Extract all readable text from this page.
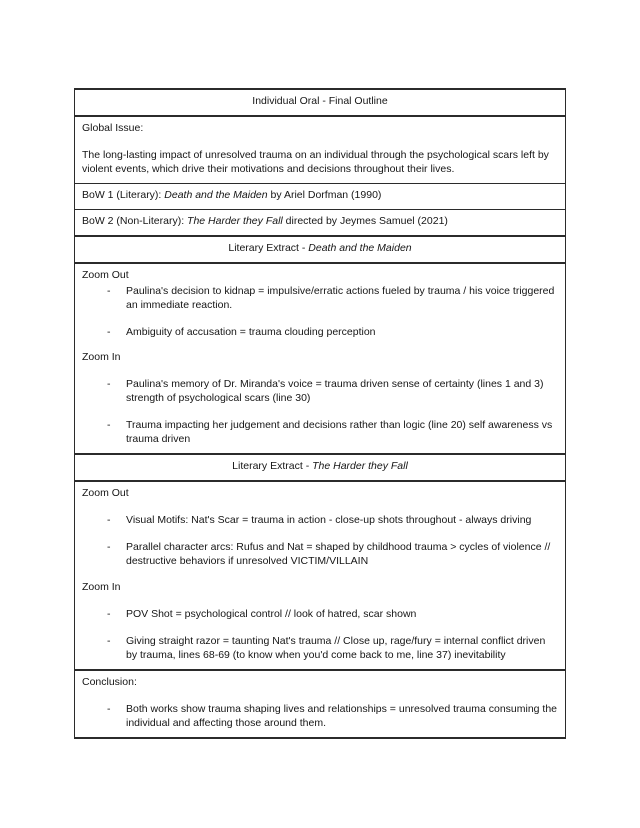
Individual Oral - Final Outline

Global Issue:

The long-lasting impact of unresolved trauma on an individual through the psychological scars left by violent events, which drive their motivations and decisions throughout their lives.

BoW 1 (Literary): Death and the Maiden by Ariel Dorfman (1990)
BoW 2 (Non-Literary): The Harder they Fall directed by Jeymes Samuel (2021)
Literary Extract - Death and the Maiden

Zoom Out

- Paulina's decision to kidnap = impulsive/erratic actions fueled by trauma / his voice triggered an immediate reaction.
- Ambiguity of accusation = trauma clouding perception

Zoom In

- Paulina's memory of Dr. Miranda's voice = trauma driven sense of certainty (lines 1 and 3) strength of psychological scars (line 30)
- Trauma impacting her judgement and decisions rather than logic (line 20) self awareness vs trauma driven

Literary Extract - The Harder they Fall

Zoom Out

- Visual Motifs: Nat's Scar = trauma in action - close-up shots throughout - always driving
- Parallel character arcs: Rufus and Nat = shaped by childhood trauma > cycles of violence // destructive behaviors if unresolved VICTIM/VILLAIN

Zoom In

- POV Shot = psychological control // look of hatred, scar shown
- Giving straight razor = taunting Nat's trauma // Close up, rage/fury = internal conflict driven by trauma, lines 68-69 (to know when you'd come back to me, line 37) inevitability

Conclusion:

- Both works show trauma shaping lives and relationships = unresolved trauma consuming the individual and affecting those around them.
